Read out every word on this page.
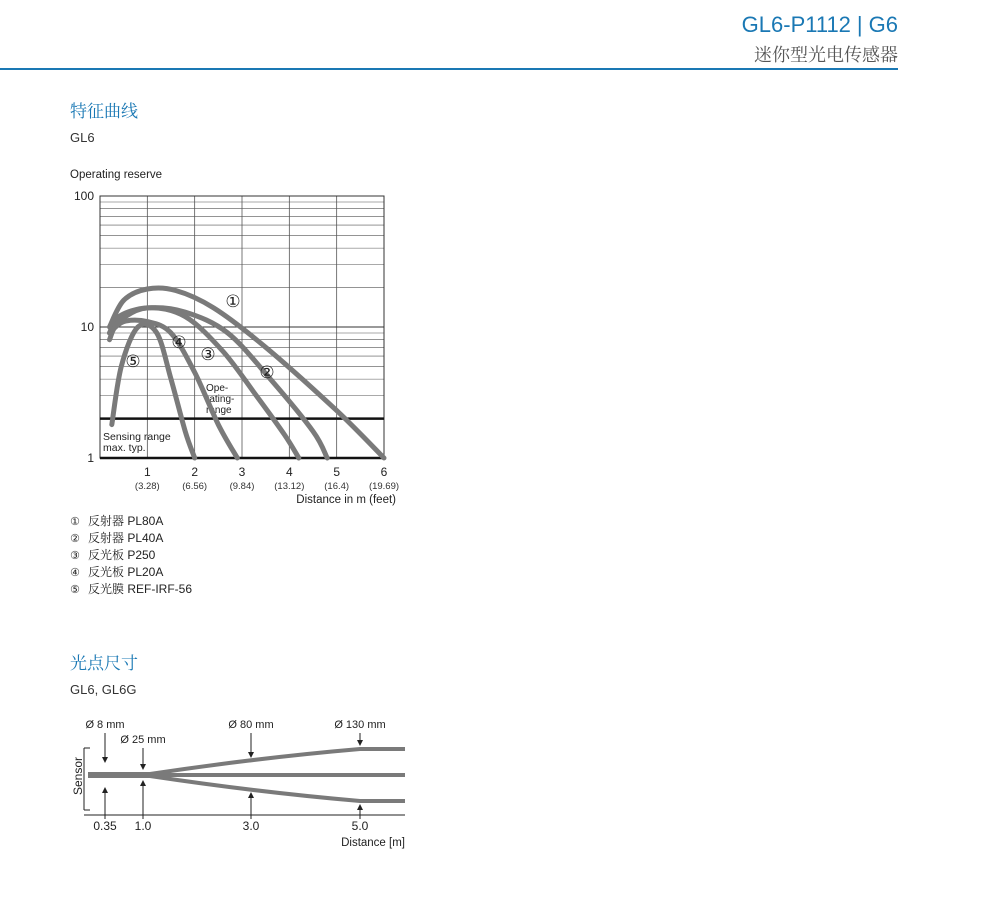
GL6-P1112 | G6
迷你型光电传感器
特征曲线
GL6
Operating reserve
1
10
100
1
(3.28)
2
(6.56)
3
(9.84)
4
(13.12)
5
(16.4)
6
(19.69)
Distance in m (feet)
Ope-
rating-
range
Sensing range
max. typ.
①
②
③
④
⑤
① 反射器 PL80A
② 反射器 PL40A
③ 反光板 P250
④ 反光板 PL20A
⑤ 反光膜 REF-IRF-56
光点尺寸
GL6, GL6G
Sensor
Ø 8 mm
0.35
Ø 25 mm
1.0
Ø 80 mm
3.0
Ø 130 mm
5.0
Distance [m]
